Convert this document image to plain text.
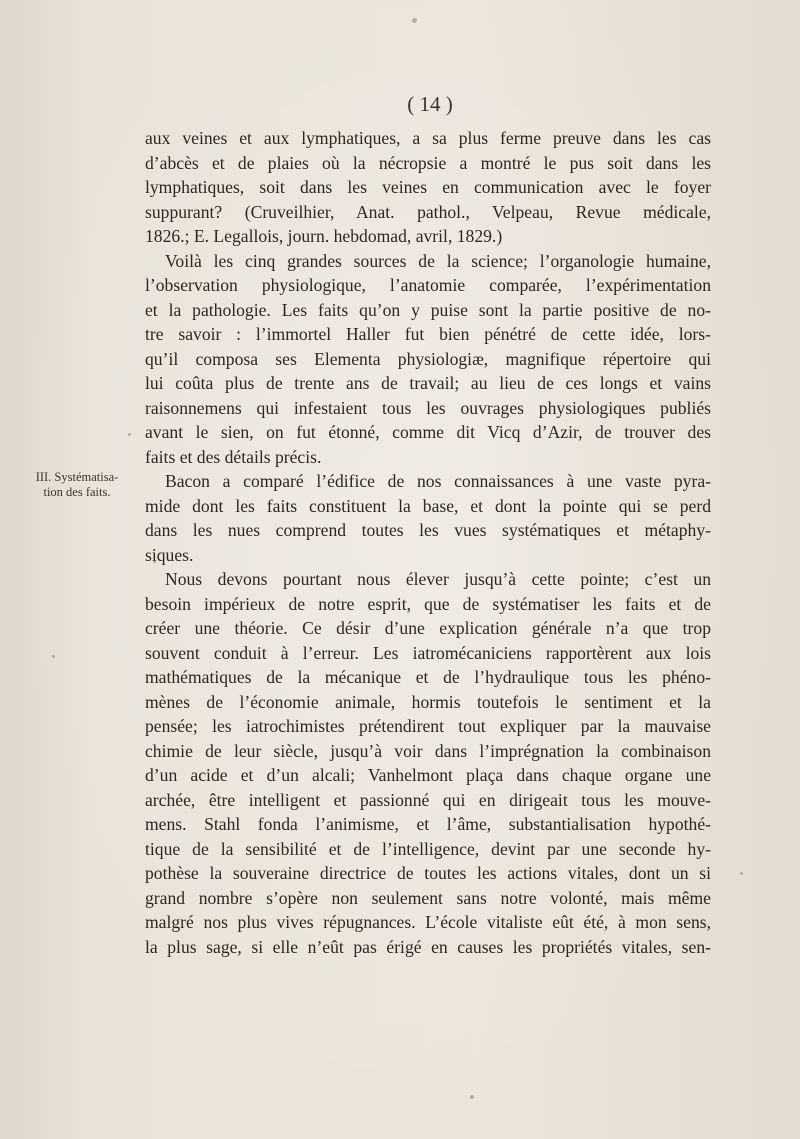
( 14 )
III. Systématisa-
tion des faits.
aux veines et aux lymphatiques, a sa plus ferme preuve dans les cas
d’abcès et de plaies où la nécropsie a montré le pus soit dans les
lymphatiques, soit dans les veines en communication avec le foyer
suppurant? (Cruveilhier, Anat. pathol., Velpeau, Revue médicale,
1826.; E. Legallois, journ. hebdomad, avril, 1829.)
Voilà les cinq grandes sources de la science; l’organologie humaine,
l’observation physiologique, l’anatomie comparée, l’expérimentation
et la pathologie. Les faits qu’on y puise sont la partie positive de no-
tre savoir : l’immortel Haller fut bien pénétré de cette idée, lors-
qu’il composa ses Elementa physiologiæ, magnifique répertoire qui
lui coûta plus de trente ans de travail; au lieu de ces longs et vains
raisonnemens qui infestaient tous les ouvrages physiologiques publiés
avant le sien, on fut étonné, comme dit Vicq d’Azir, de trouver des
faits et des détails précis.
Bacon a comparé l’édifice de nos connaissances à une vaste pyra-
mide dont les faits constituent la base, et dont la pointe qui se perd
dans les nues comprend toutes les vues systématiques et métaphy-
siques.
Nous devons pourtant nous élever jusqu’à cette pointe; c’est un
besoin impérieux de notre esprit, que de systématiser les faits et de
créer une théorie. Ce désir d’une explication générale n’a que trop
souvent conduit à l’erreur. Les iatromécaniciens rapportèrent aux lois
mathématiques de la mécanique et de l’hydraulique tous les phéno-
mènes de l’économie animale, hormis toutefois le sentiment et la
pensée; les iatrochimistes prétendirent tout expliquer par la mauvaise
chimie de leur siècle, jusqu’à voir dans l’imprégnation la combinaison
d’un acide et d’un alcali; Vanhelmont plaça dans chaque organe une
archée, être intelligent et passionné qui en dirigeait tous les mouve-
mens. Stahl fonda l’animisme, et l’âme, substantialisation hypothé-
tique de la sensibilité et de l’intelligence, devint par une seconde hy-
pothèse la souveraine directrice de toutes les actions vitales, dont un si
grand nombre s’opère non seulement sans notre volonté, mais même
malgré nos plus vives répugnances. L’école vitaliste eût été, à mon sens,
la plus sage, si elle n’eût pas érigé en causes les propriétés vitales, sen-
